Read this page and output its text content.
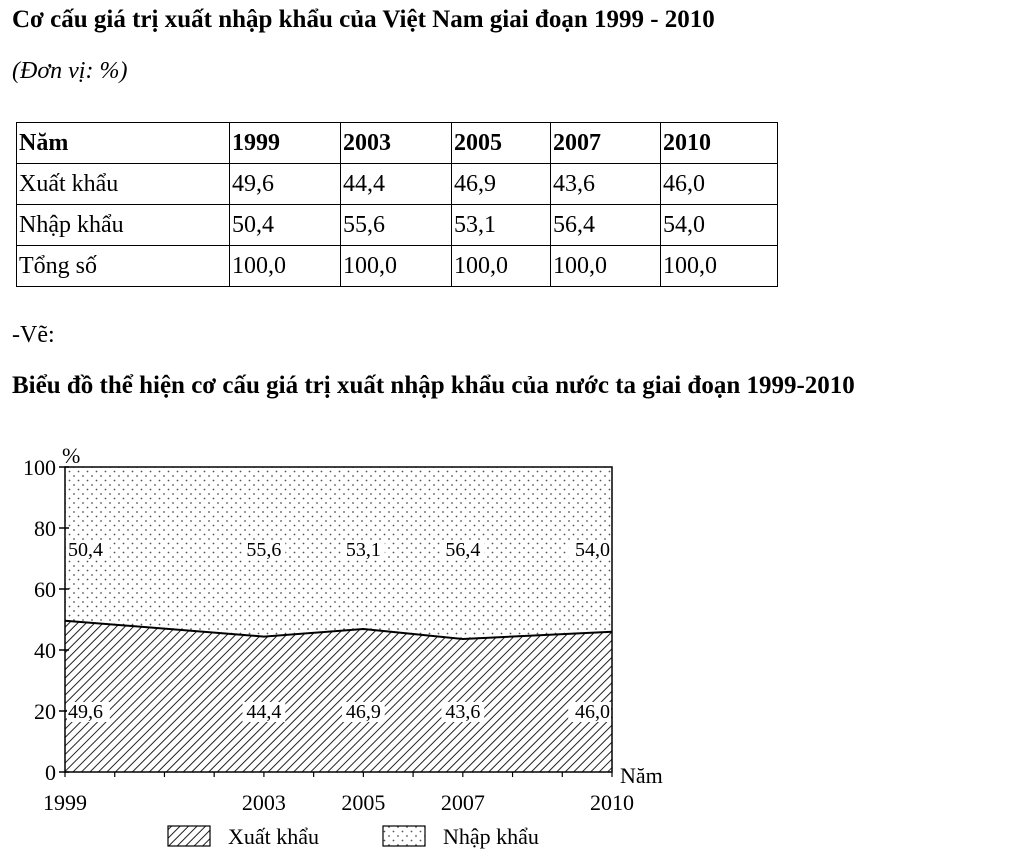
Cơ cấu giá trị xuất nhập khẩu của Việt Nam giai đoạn 1999 - 2010

(Đơn vị: %)

Năm	1999	2003	2005	2007	2010
Xuất khẩu	49,6	44,4	46,9	43,6	46,0
Nhập khẩu	50,4	55,6	53,1	56,4	54,0
Tổng số	100,0	100,0	100,0	100,0	100,0

-Vẽ:

Biểu đồ thể hiện cơ cấu giá trị xuất nhập khẩu của nước ta giai đoạn 1999-2010
0
20
40
60
80
100
1999	2003	2005	2007	2010
50,4
49,6
55,6
44,4
53,1
46,9
56,4
43,6
54,0
46,0
%
Năm
Xuất khẩu	Nhập khẩu
